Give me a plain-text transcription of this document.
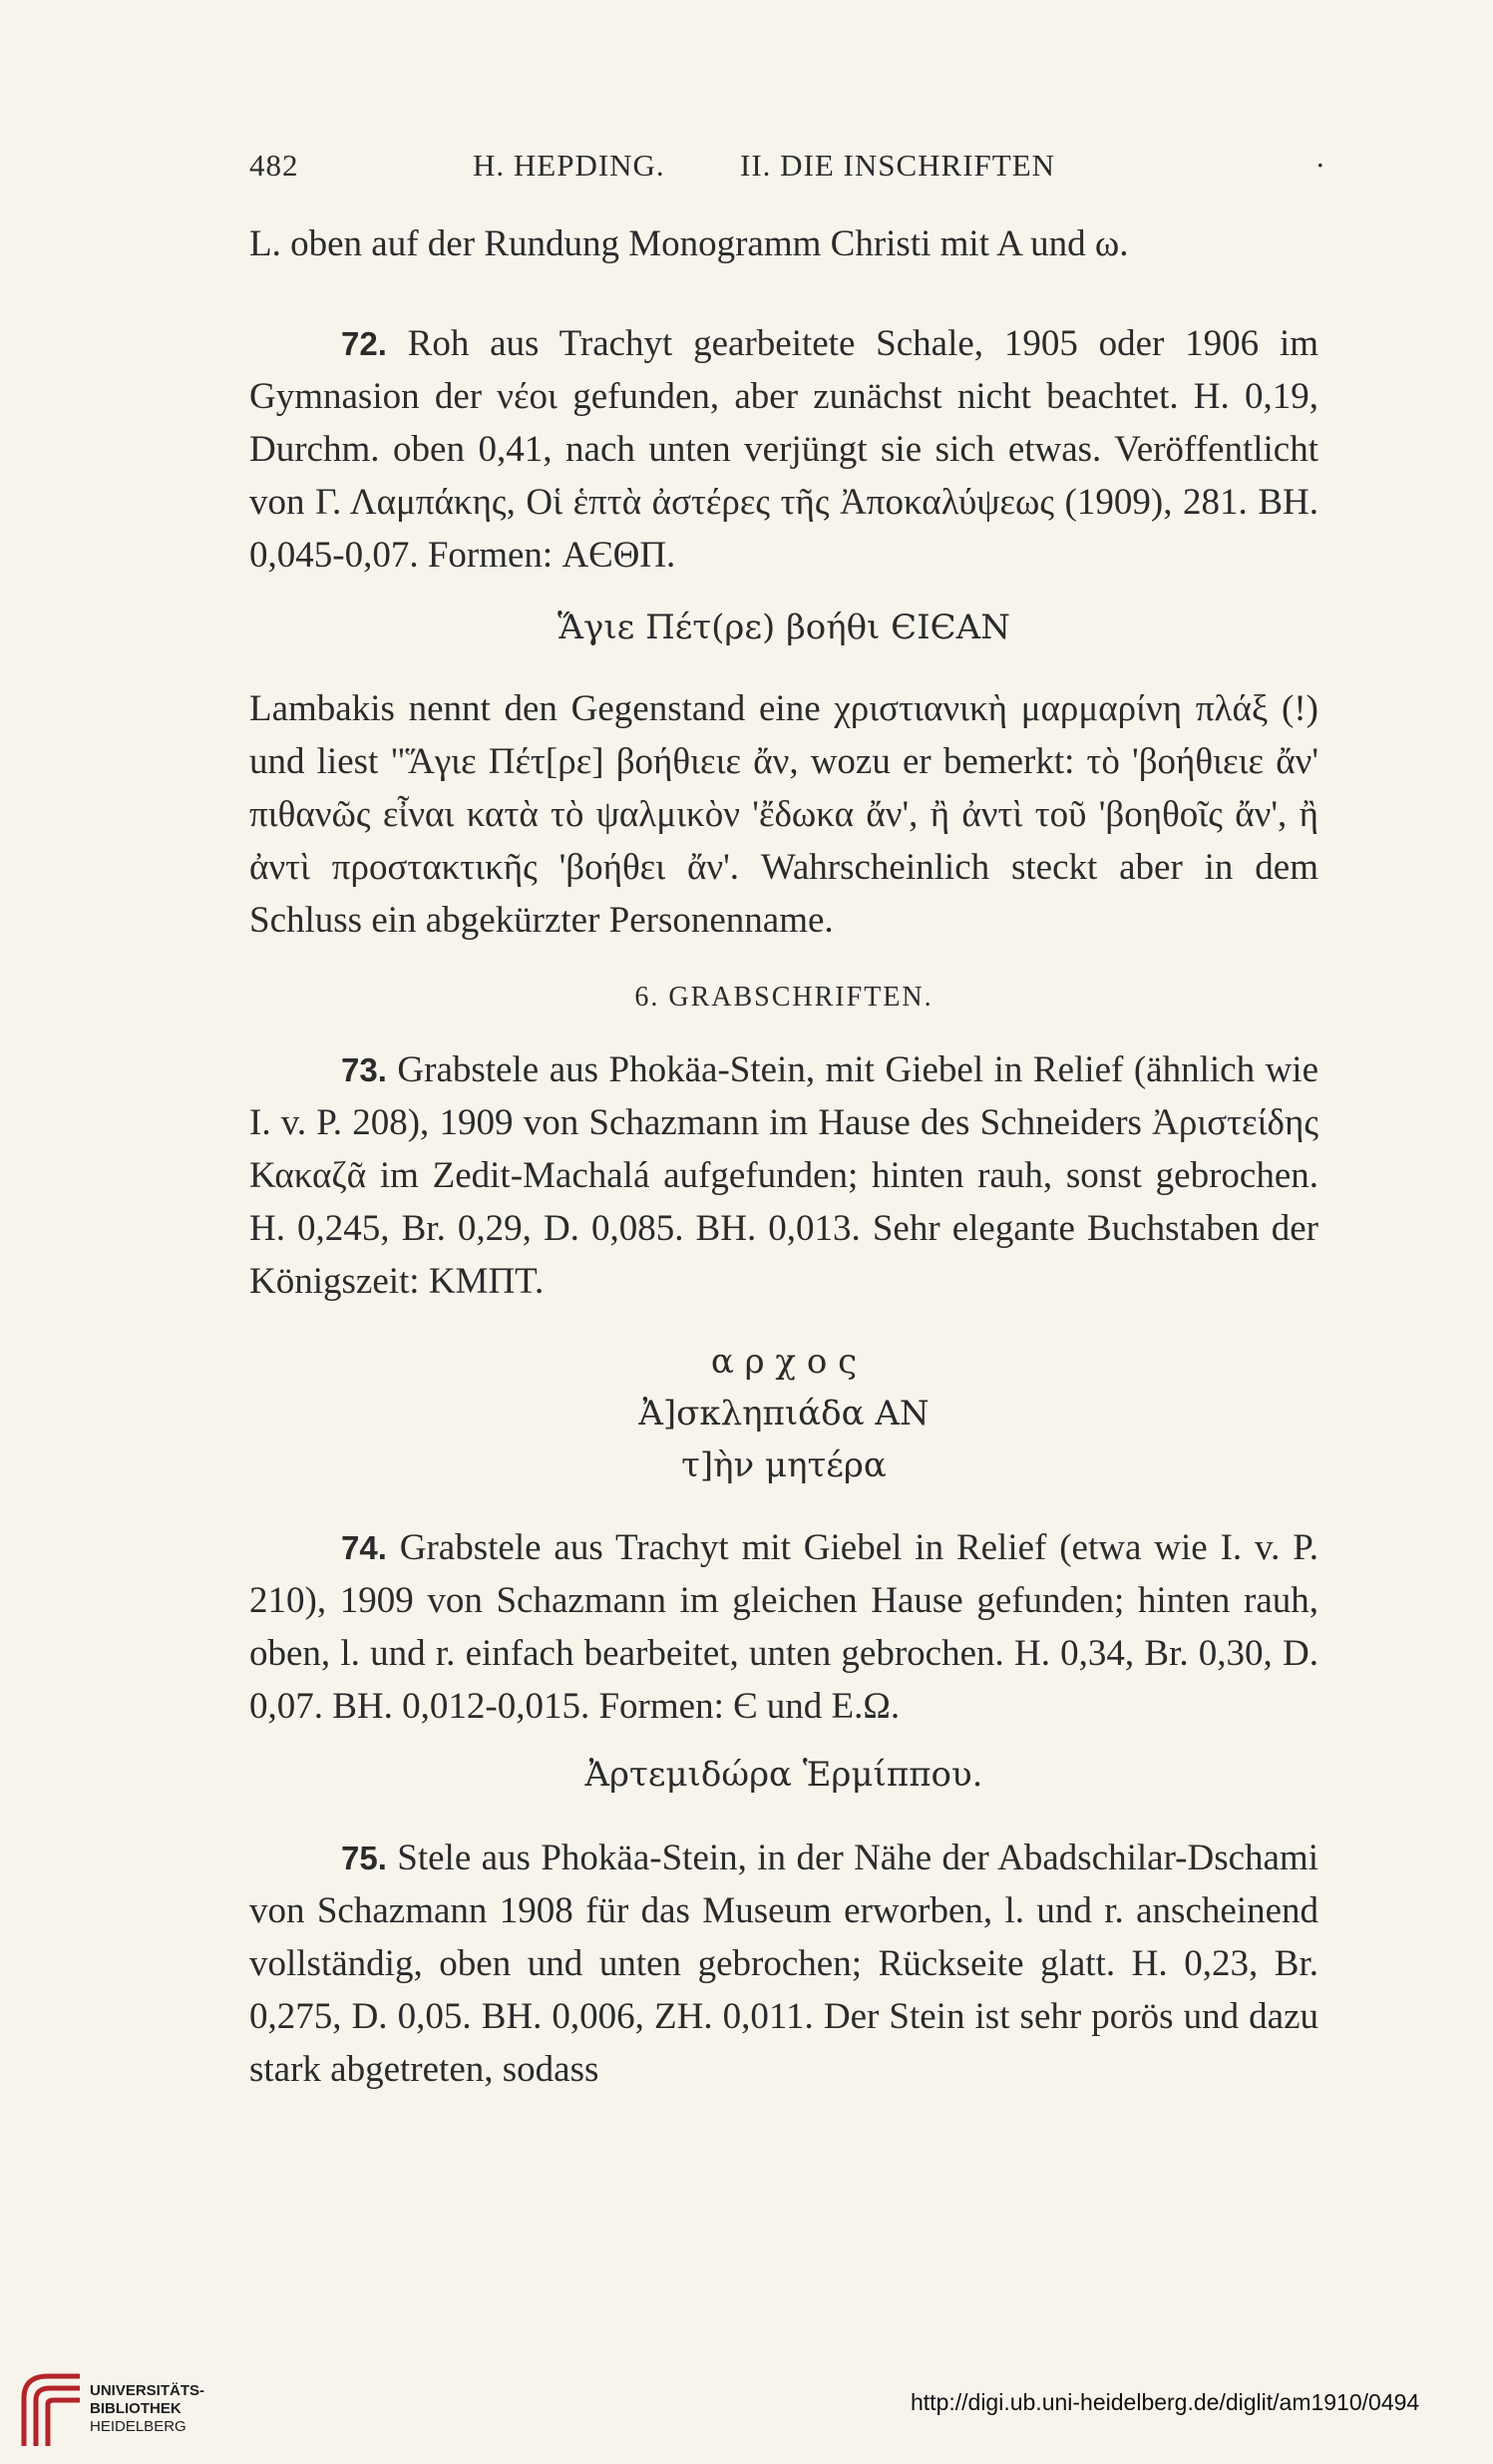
482	H. HEPDING. II. DIE INSCHRIFTEN	·

L. oben auf der Rundung Monogramm Christi mit A und ω.

72. Roh aus Trachyt gearbeitete Schale, 1905 oder 1906 im Gymnasion der νέοι gefunden, aber zunächst nicht beachtet. H. 0,19, Durchm. oben 0,41, nach unten verjüngt sie sich etwas. Veröffentlicht von Γ. Λαμπάκης, Οἱ ἑπτὰ ἀστέρες τῆς Ἀποκαλύψεως (1909), 281. BH. 0,045-0,07. Formen: ΑЄΘΠ.

Ἅγιε Πέτ(ρε) βοήθι ЄΙЄΑΝ

Lambakis nennt den Gegenstand eine χριστιανικὴ μαρμαρίνη πλάξ (!) und liest "Ἅγιε Πέτ[ρε] βοήθιειε ἄν, wozu er bemerkt: τὸ 'βοήθιειε ἄν' πιθανῶς εἶναι κατὰ τὸ ψαλμικὸν 'ἔδωκα ἄν', ἢ ἀντὶ τοῦ 'βοηθοῖς ἄν', ἢ ἀντὶ προστακτικῆς 'βοήθει ἄν'. Wahrscheinlich steckt aber in dem Schluss ein abgekürzter Personenname.

6. GRABSCHRIFTEN.

73. Grabstele aus Phokäa-Stein, mit Giebel in Relief (ähnlich wie I. v. P. 208), 1909 von Schazmann im Hause des Schneiders Ἀριστείδης Κακαζᾶ im Zedit-Machalá aufgefunden; hinten rauh, sonst gebrochen. H. 0,245, Br. 0,29, D. 0,085. BH. 0,013. Sehr elegante Buchstaben der Königszeit: ΚΜΠΤ.

α ρ χ ο ς
Ἀ]σκληπιάδα ΑΝ
τ]ὴν μητέρα

74. Grabstele aus Trachyt mit Giebel in Relief (etwa wie I. v. P. 210), 1909 von Schazmann im gleichen Hause gefunden; hinten rauh, oben, l. und r. einfach bearbeitet, unten gebrochen. H. 0,34, Br. 0,30, D. 0,07. BH. 0,012-0,015. Formen: Є und Ε.Ω.

Ἀρτεμιδώρα Ἑρμίππου.

75. Stele aus Phokäa-Stein, in der Nähe der Abadschilar-Dschami von Schazmann 1908 für das Museum erworben, l. und r. anscheinend vollständig, oben und unten gebrochen; Rückseite glatt. H. 0,23, Br. 0,275, D. 0,05. BH. 0,006, ZH. 0,011. Der Stein ist sehr porös und dazu stark abgetreten, sodass

UNIVERSITÄTS-
BIBLIOTHEK
HEIDELBERG
http://digi.ub.uni-heidelberg.de/diglit/am1910/0494
